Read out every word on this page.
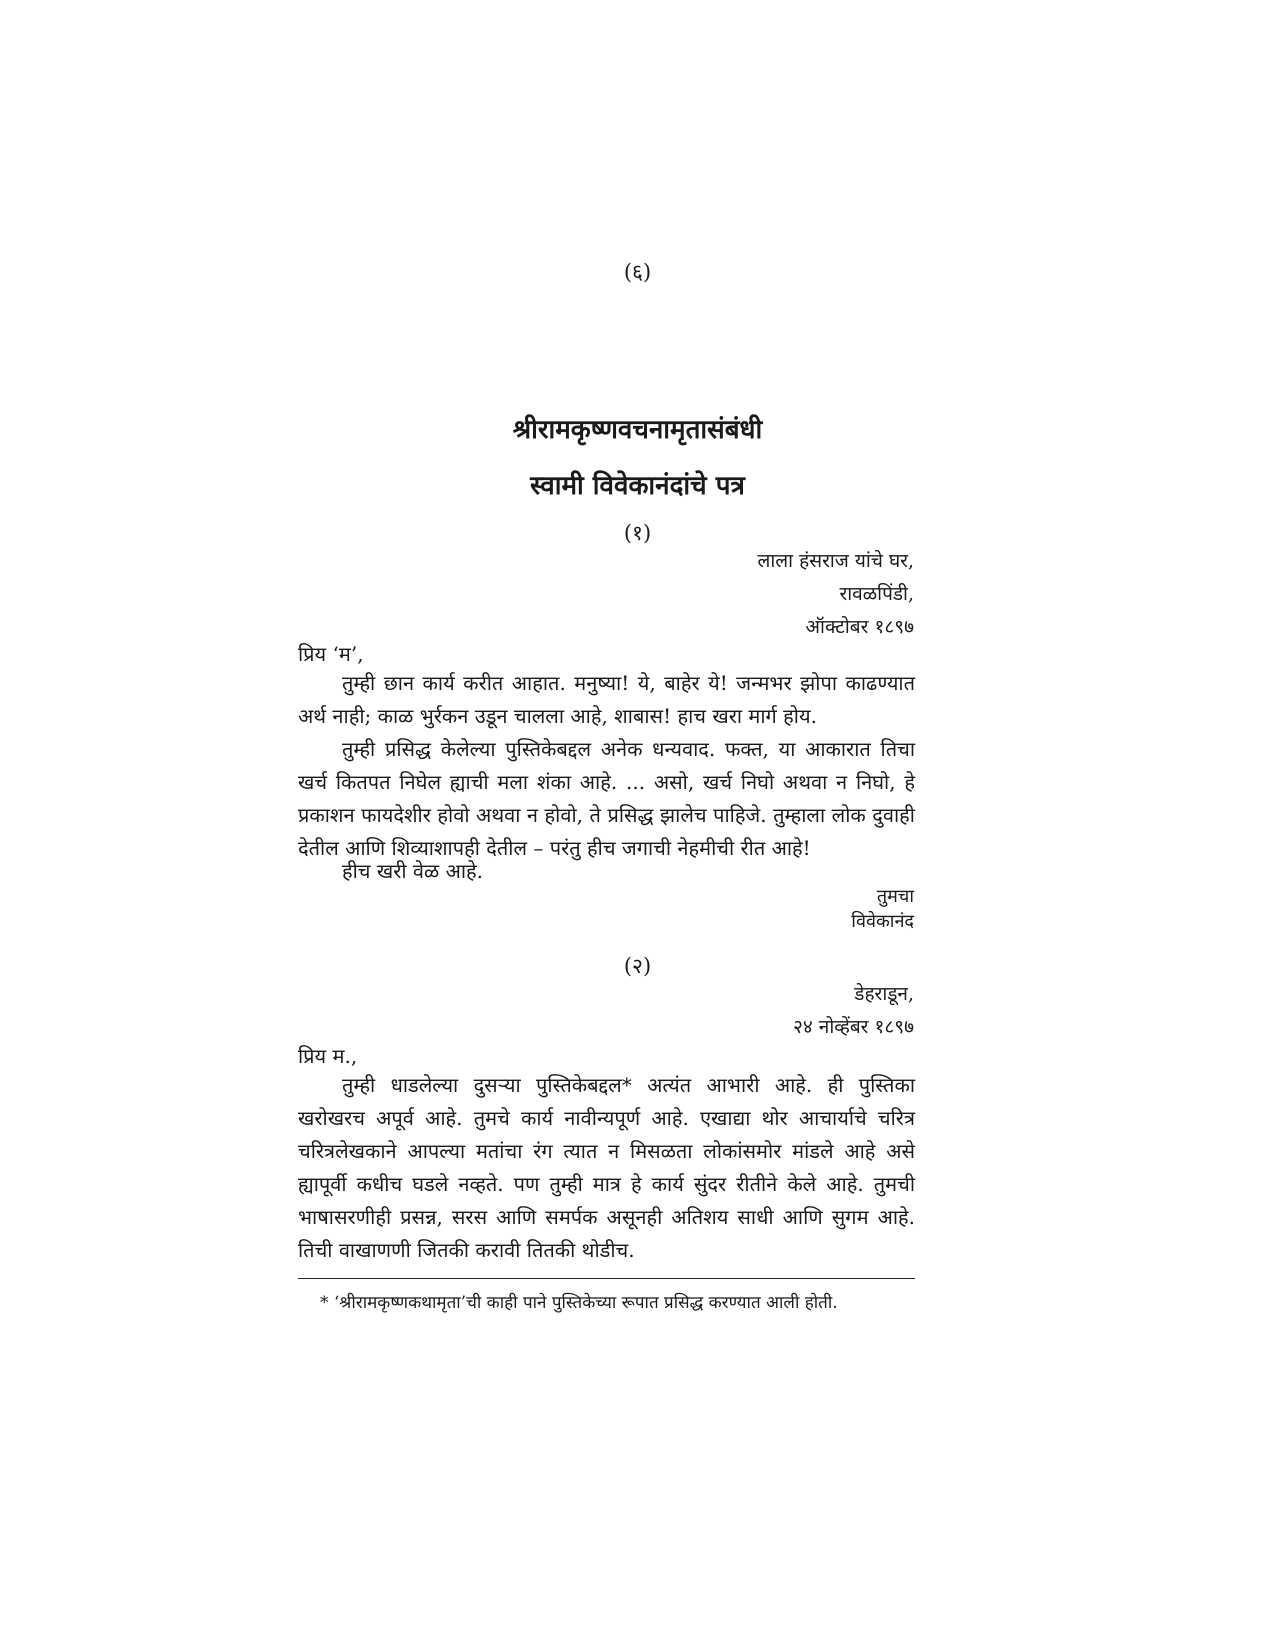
(६)
श्रीरामकृष्णवचनामृतासंबंधी
स्वामी विवेकानंदांचे पत्र
(१)
लाला हंसराज यांचे घर,
रावळपिंडी,
ऑक्टोबर १८९७
प्रिय ‘म’,

तुम्ही छान कार्य करीत आहात. मनुष्या! ये, बाहेर ये! जन्मभर झोपा काढण्यात अर्थ नाही; काळ भुर्रकन उडून चालला आहे, शाबास! हाच खरा मार्ग होय.

तुम्ही प्रसिद्ध केलेल्या पुस्तिकेबद्दल अनेक धन्यवाद. फक्त, या आकारात तिचा खर्च कितपत निघेल ह्याची मला शंका आहे. ... असो, खर्च निघो अथवा न निघो, हे प्रकाशन फायदेशीर होवो अथवा न होवो, ते प्रसिद्ध झालेच पाहिजे. तुम्हाला लोक दुवाही देतील आणि शिव्याशापही देतील – परंतु हीच जगाची नेहमीची रीत आहे!

हीच खरी वेळ आहे.

तुमचा
विवेकानंद
(२)
डेहराडून,
२४ नोव्हेंबर १८९७
प्रिय म.,

तुम्ही धाडलेल्या दुसऱ्या पुस्तिकेबद्दल* अत्यंत आभारी आहे. ही पुस्तिका खरोखरच अपूर्व आहे. तुमचे कार्य नावीन्यपूर्ण आहे. एखाद्या थोर आचार्याचे चरित्र चरित्रलेखकाने आपल्या मतांचा रंग त्यात न मिसळता लोकांसमोर मांडले आहे असे ह्यापूर्वी कधीच घडले नव्हते. पण तुम्ही मात्र हे कार्य सुंदर रीतीने केले आहे. तुमची भाषासरणीही प्रसन्न, सरस आणि समर्पक असूनही अतिशय साधी आणि सुगम आहे. तिची वाखाणणी जितकी करावी तितकी थोडीच.

* ‘श्रीरामकृष्णकथामृता’ची काही पाने पुस्तिकेच्या रूपात प्रसिद्ध करण्यात आली होती.
